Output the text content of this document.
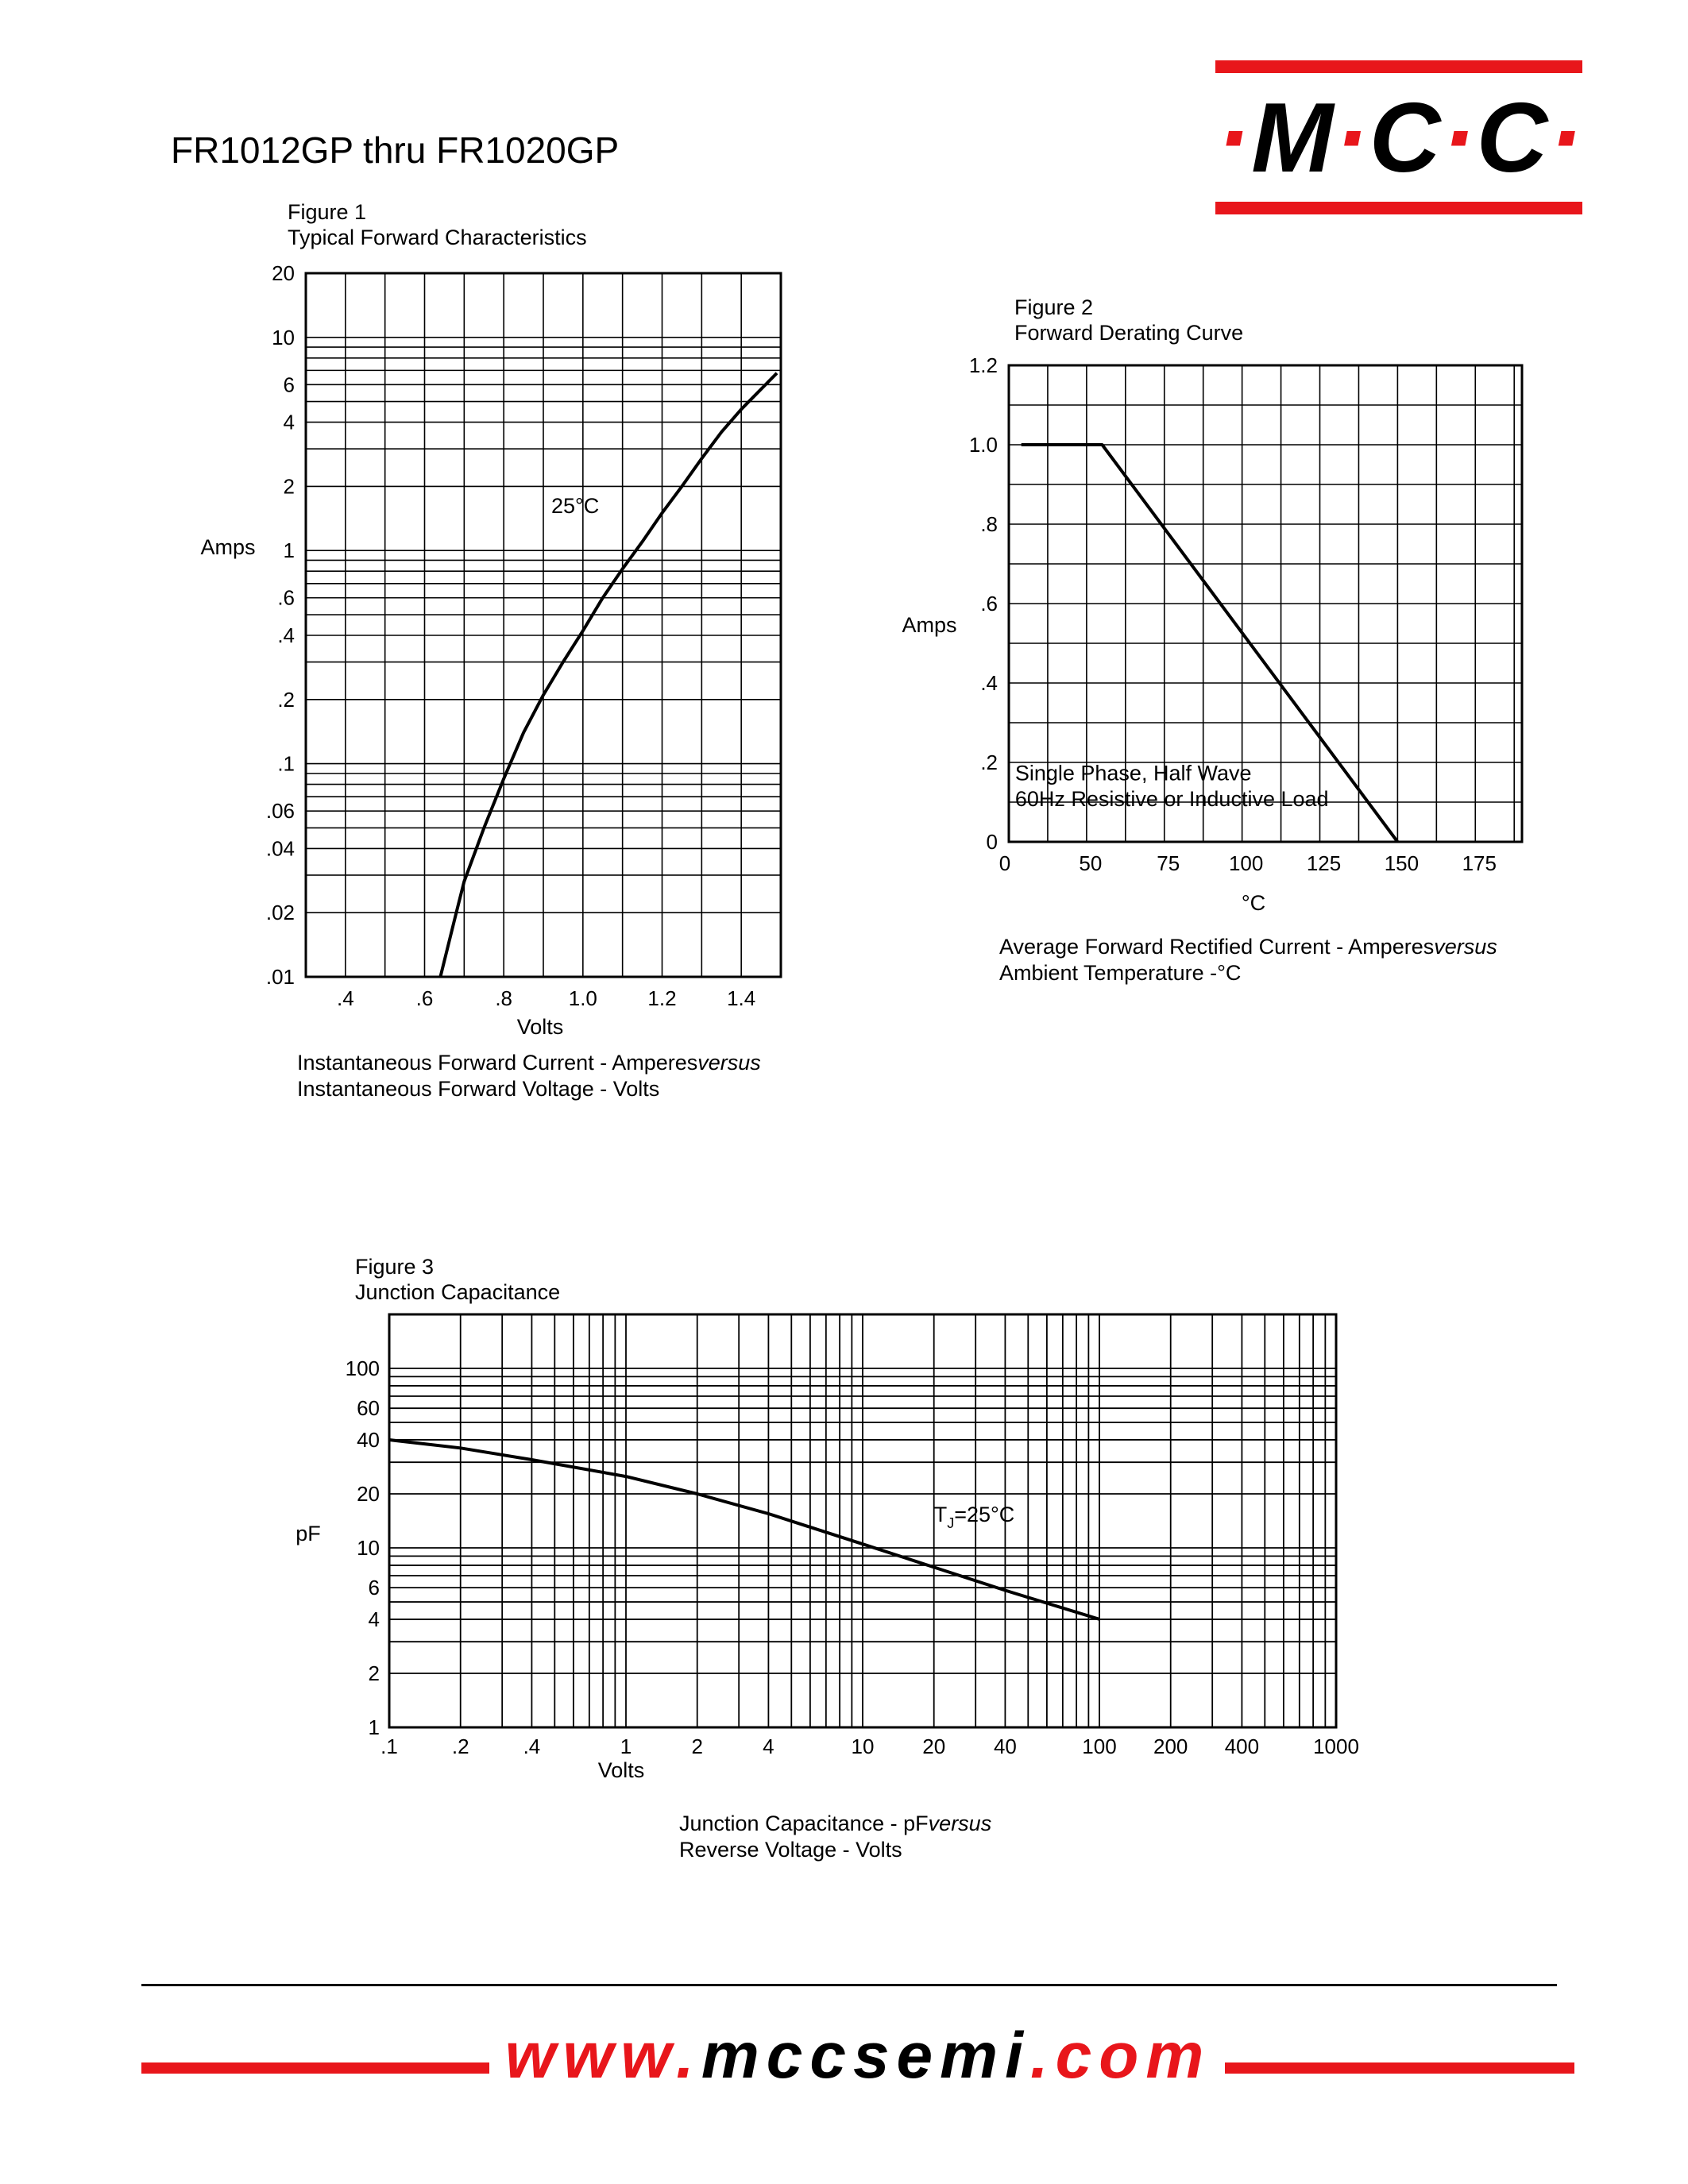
FR1012GP thru FR1020GP	·M·C·C·
Figure 1
Typical Forward Characteristics
.4	.6	.8	1.0 1.2 1.4
.01
.02
.04
.06
.1
.2
.4
.6
1
2
4
6
10
20
Volts
Amps
25°C
Instantaneous Forward Current - Amperesversus
Instantaneous Forward Voltage - Volts
Figure 2
Forward Derating Curve
0	50	75 100 125 150 175
0
.2
.4
.6
.8
1.0
1.2
°C
Amps
Single Phase, Half Wave
60Hz Resistive or Inductive Load
Average Forward Rectified Current - Amperesversus
Ambient Temperature -°C
Figure 3
Junction Capacitance
.1	.2	.4	1	2	4	10 20 40	100 200 400	1000
1
2
4
6
10
20
40
60
100
Volts
pF
$T_J=25^\circ C$
Junction Capacitance - pFversus
Reverse Voltage - Volts
www.mccsemi.com
